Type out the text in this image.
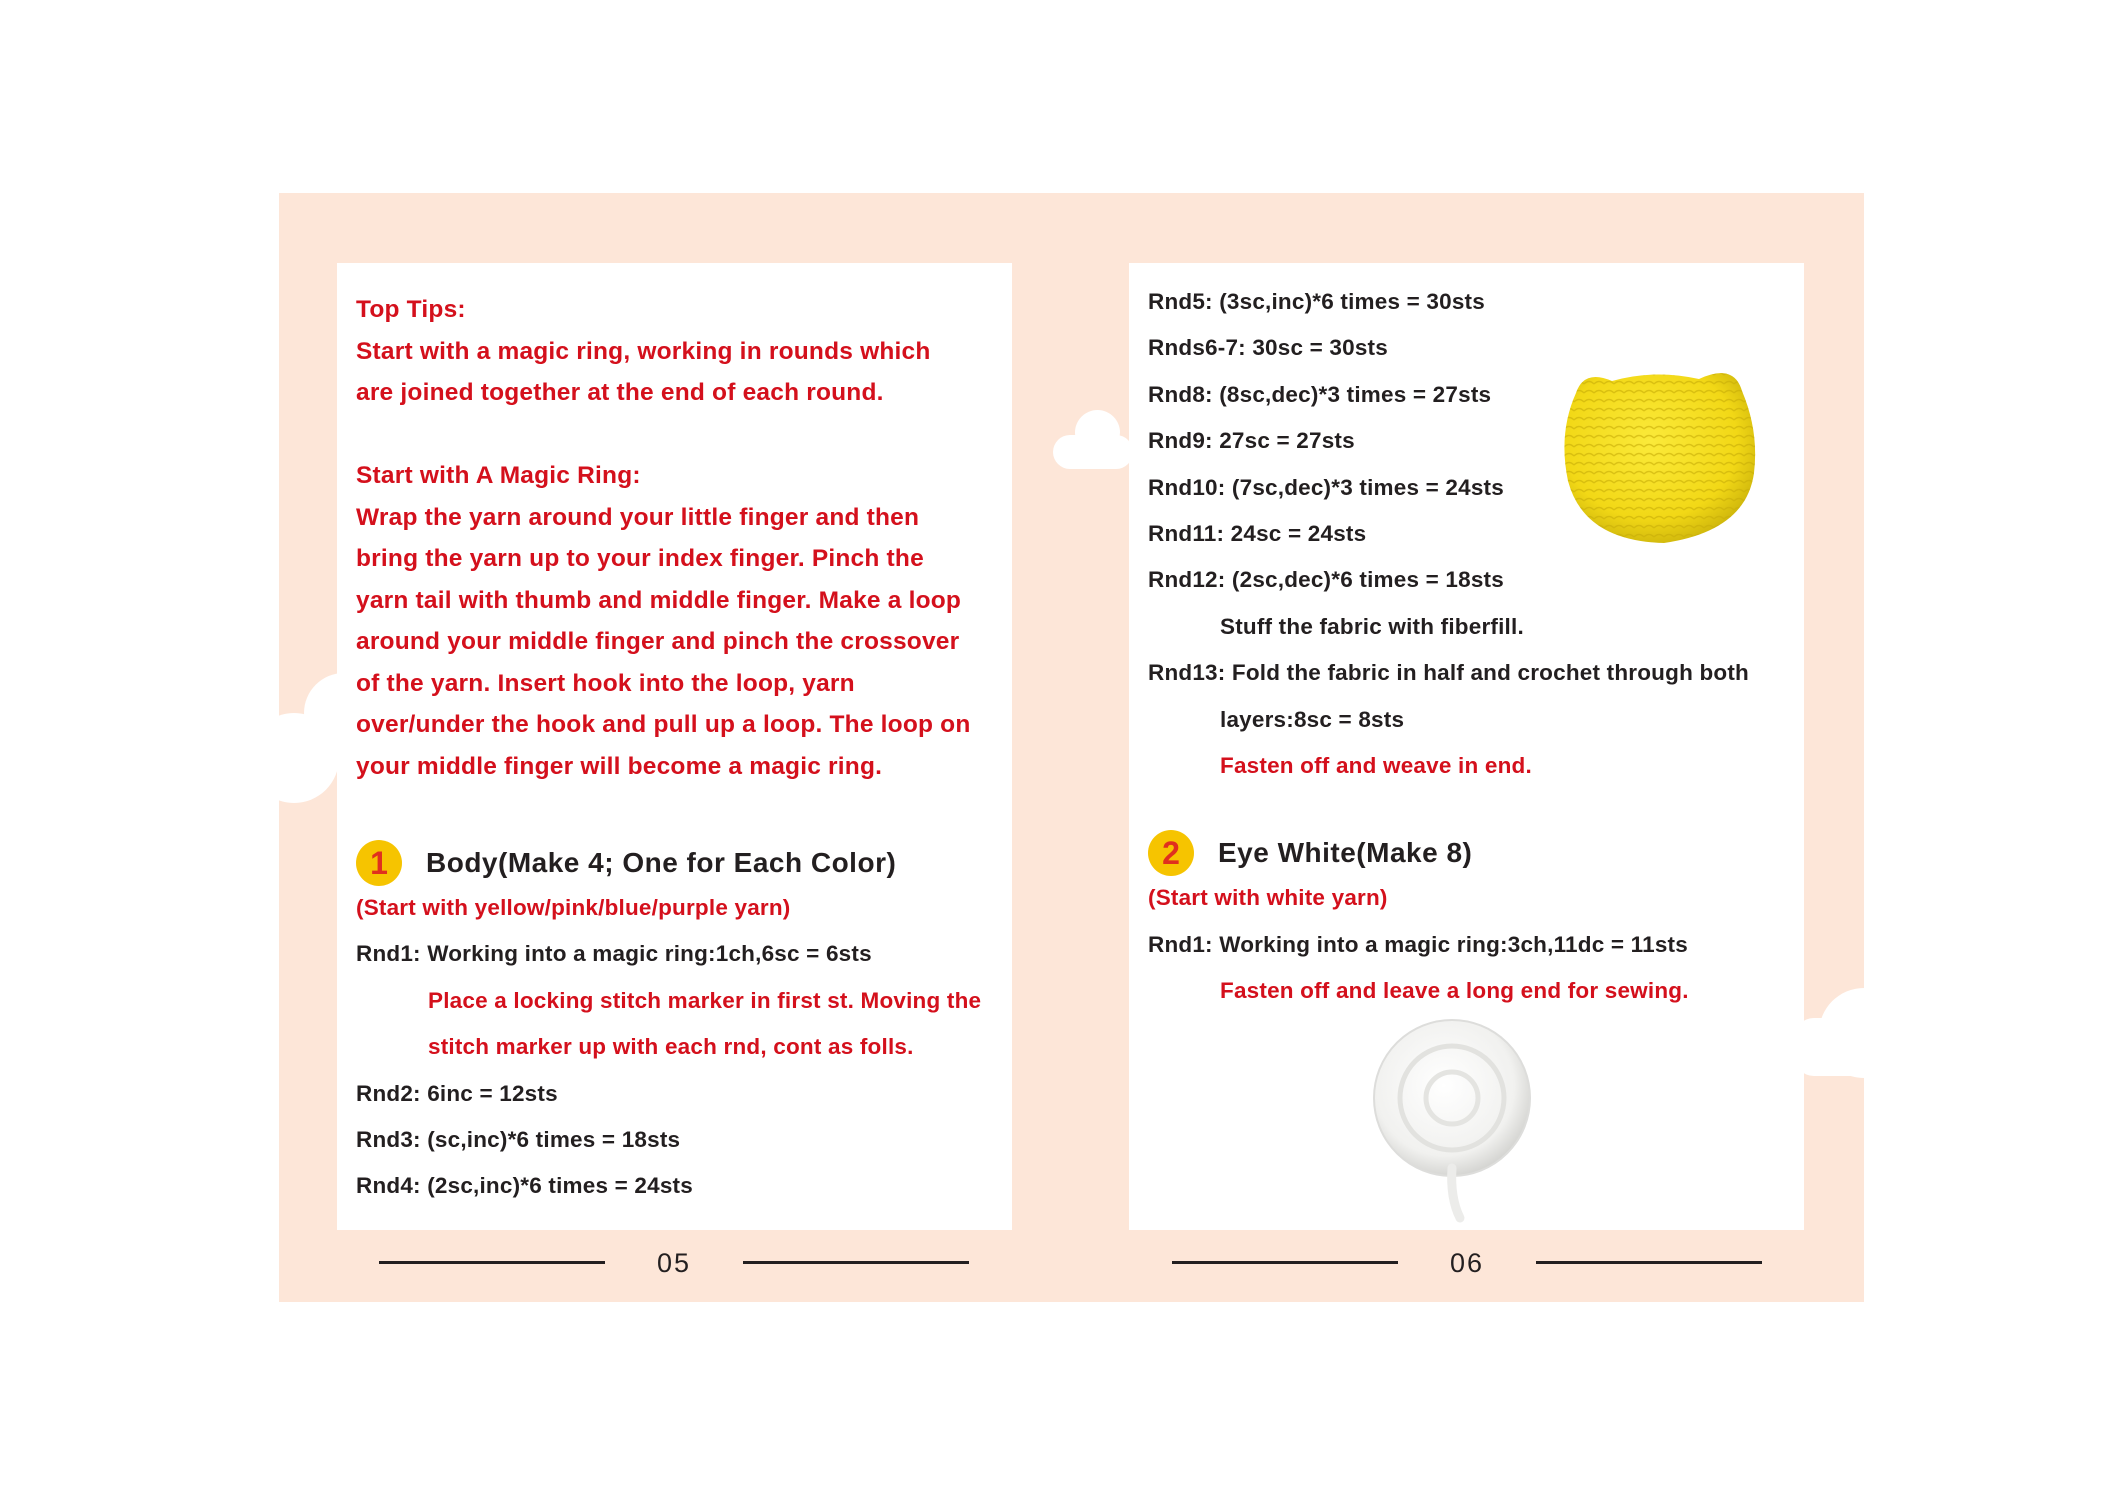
Top Tips:
Start with a magic ring, working in rounds which
are joined together at the end of each round.
Start with A Magic Ring:
Wrap the yarn around your little finger and then
bring the yarn up to your index finger. Pinch the
yarn tail with thumb and middle finger. Make a loop
around your middle finger and pinch the crossover
of the yarn. Insert hook into the loop, yarn
over/under the hook and pull up a loop. The loop on
your middle finger will become a magic ring.
1	Body(Make 4; One for Each Color)
(Start with yellow/pink/blue/purple yarn)
Rnd1: Working into a magic ring:1ch,6sc = 6sts
Place a locking stitch marker in first st. Moving the
stitch marker up with each rnd, cont as folls.
Rnd2: 6inc = 12sts
Rnd3: (sc,inc)*6 times = 18sts
Rnd4: (2sc,inc)*6 times = 24sts
Rnd5: (3sc,inc)*6 times = 30sts
Rnds6-7: 30sc = 30sts
Rnd8: (8sc,dec)*3 times = 27sts
Rnd9: 27sc = 27sts
Rnd10: (7sc,dec)*3 times = 24sts
Rnd11: 24sc = 24sts
Rnd12: (2sc,dec)*6 times = 18sts
Stuff the fabric with fiberfill.
Rnd13: Fold the fabric in half and crochet through both
layers:8sc = 8sts
Fasten off and weave in end.
2	Eye White(Make 8)
(Start with white yarn)
Rnd1: Working into a magic ring:3ch,11dc = 11sts
Fasten off and leave a long end for sewing.
05	06
